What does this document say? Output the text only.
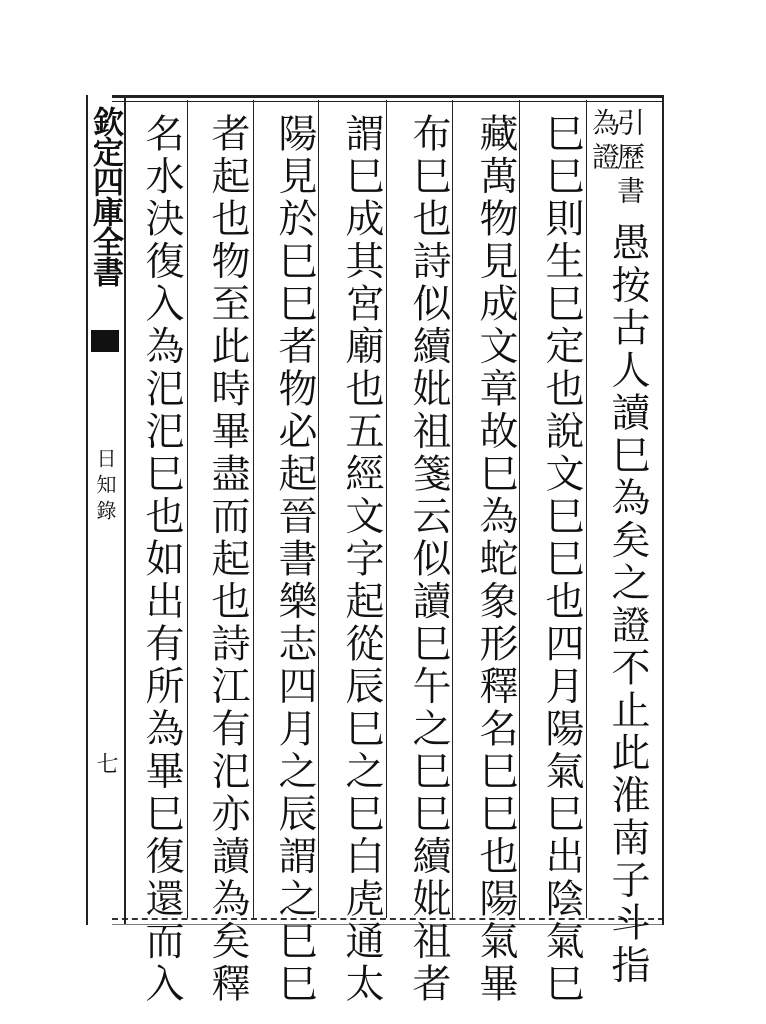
欽定四庫全書
日知錄
七
引歷書
為證
愚按古人讀巳為矣之證不止此淮南子斗指
巳巳則生巳定也說文巳巳也四月陽氣巳出陰氣巳
藏萬物見成文章故巳為蛇象形釋名巳巳也陽氣畢
布巳也詩似續妣祖箋云似讀巳午之巳巳續妣祖者
謂巳成其宮廟也五經文字起從辰巳之巳白虎通太
陽見於巳巳者物必起晉書樂志四月之辰謂之巳巳
者起也物至此時畢盡而起也詩江有汜亦讀為矣釋
名水決復入為汜汜巳也如出有所為畢巳復還而入
